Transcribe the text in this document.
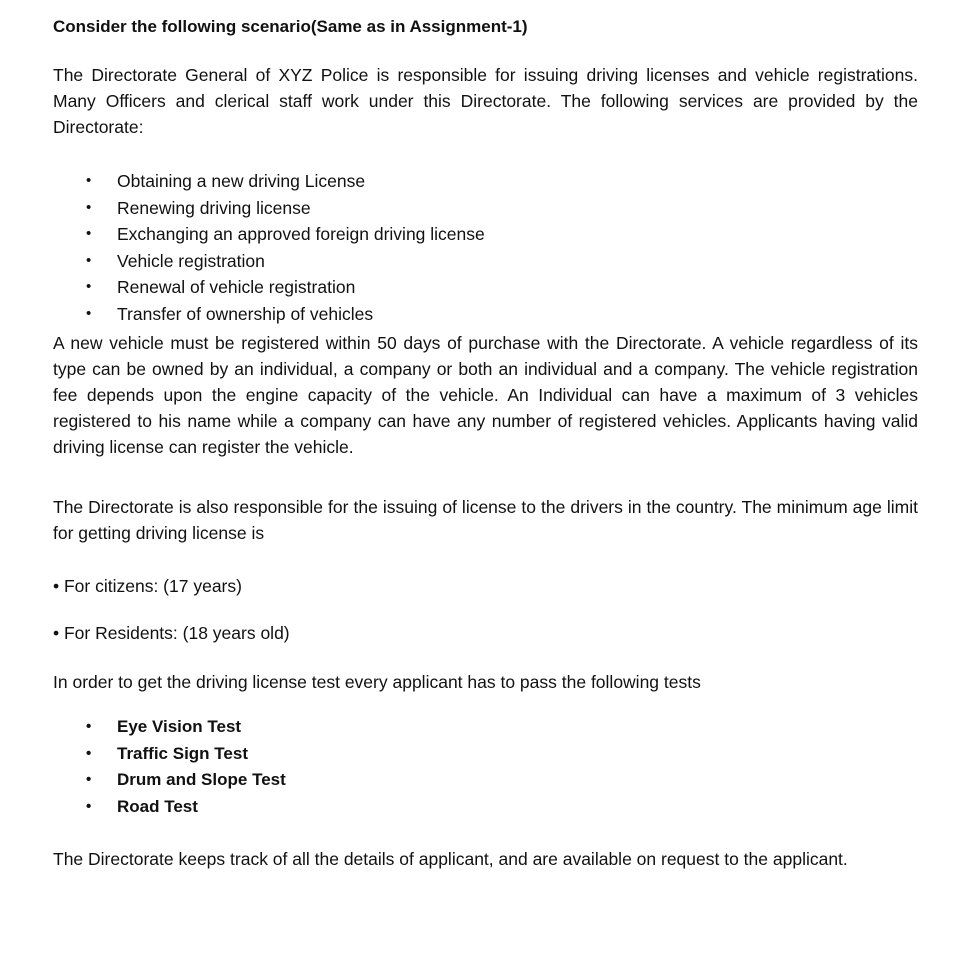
Consider the following scenario(Same as in Assignment-1)

The Directorate General of XYZ Police is responsible for issuing driving licenses and vehicle registrations. Many Officers and clerical staff work under this Directorate. The following services are provided by the Directorate:

• Obtaining a new driving License
• Renewing driving license
• Exchanging an approved foreign driving license
• Vehicle registration
• Renewal of vehicle registration
• Transfer of ownership of vehicles

A new vehicle must be registered within 50 days of purchase with the Directorate. A vehicle regardless of its type can be owned by an individual, a company or both an individual and a company. The vehicle registration fee depends upon the engine capacity of the vehicle. An Individual can have a maximum of 3 vehicles registered to his name while a company can have any number of registered vehicles. Applicants having valid driving license can register the vehicle.

The Directorate is also responsible for the issuing of license to the drivers in the country. The minimum age limit for getting driving license is

• For citizens: (17 years)

• For Residents: (18 years old)

In order to get the driving license test every applicant has to pass the following tests

• Eye Vision Test
• Traffic Sign Test
• Drum and Slope Test
• Road Test

The Directorate keeps track of all the details of applicant, and are available on request to the applicant.
